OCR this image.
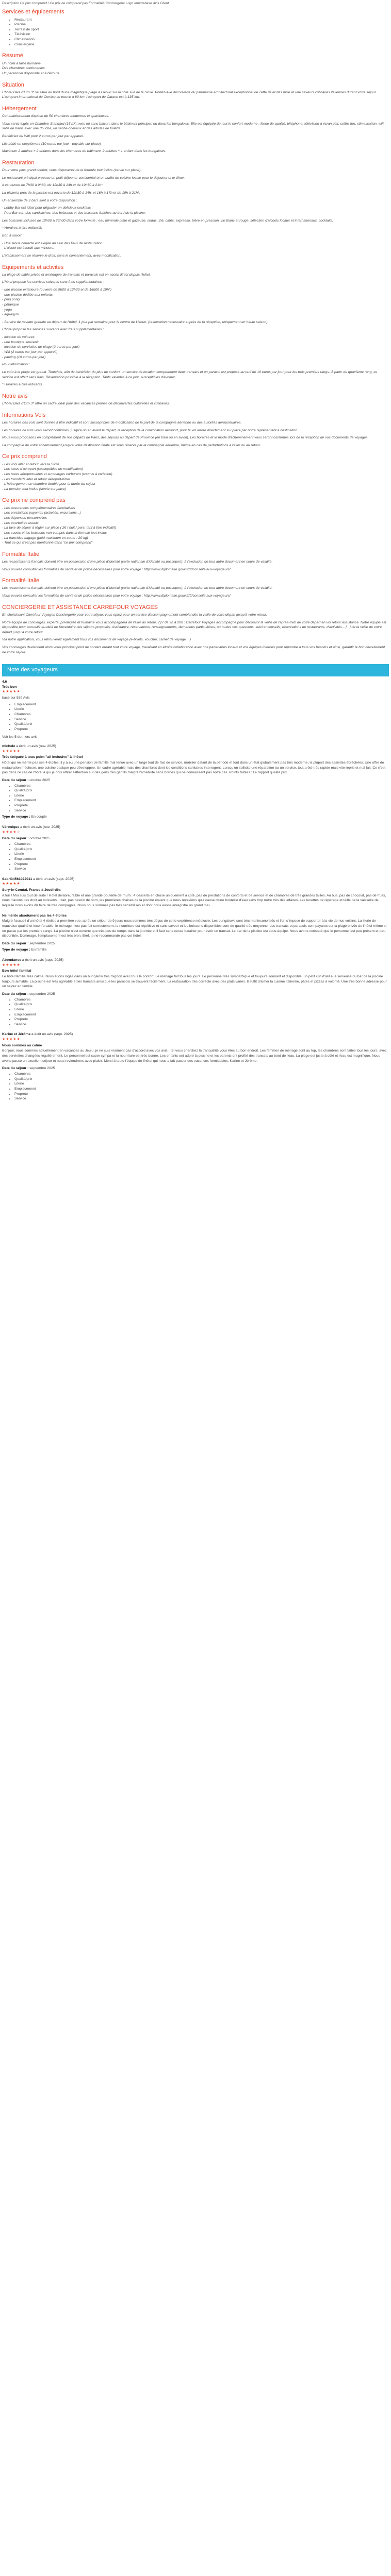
Description Ce prix comprend / Ce prix ne comprend pas Formalités Conciergerie Logo Imputabase Avis Client
Services et équipements
• Restaurant
• Piscine
• Terrain de sport
• Télévision
• Climatisation
• Conciergerie
Résumé
Un hôtel à taille humaine
Des chambres confortables
Un personnel disponible et à l'écoute
Situation

L'hôtel Baia d'Oro 3* se situe au bord d'une magnifique plage à Lixouri sur la côte sud de la Sicile. Portez-à-le découverte du patrimoine architectural exceptionnel de cette île et des mille et une saveurs culinaires italiennes durant votre séjour. L'aéroport international de Comiso se trouve à 80 km, l'aéroport de Catane est à 135 km.

Hébergement

Cet établissement dispose de 50 chambres modernes et spacieuses.

Vous serez logés en Chambre Standard (15 m²) avec ou sans balcon, dans le bâtiment principal, ou dans les bungalows. Elle est équipée de tout le confort moderne : literie de qualité, téléphone, télévision à écran plat, coffre-fort, climatisation, wifi, salle de bains avec une douche, un sèche-cheveux et des articles de toilette.

Bénéficiez du Wifi pour 2 euros par jour par appareil.

Lits bébé en supplément (10 euros par jour - payable sur place).

Maximum 2 adultes + 2 enfants dans les chambres du bâtiment, 2 adultes + 1 enfant dans les bungalows.

Restauration

Pour votre plus grand confort, vous disposerez de la formule tout inclus (servie sur place).

Le restaurant principal propose un petit-déjeuner continental et un buffet de cuisine locale pour le déjeuner et le dîner.

Il est ouvert de 7h30 à 9h30, de 12h30 à 14h et de 19h30 à 21h*.

La pizzeria près de la piscine est ouverte de 12h30 à 14h, et 16h à 17h et de 19h à 21h*.

Un ensemble de 2 bars sont à votre disposition :

- Lobby Bar est idéal pour déguster un délicieux cocktails ;
- Pool Bar sert des sandwiches, des boissons et des boissons fraîches au bord de la piscine.

Les boissons incluses de 10h00 à 23h00 dans votre formule : eau minérale plate et gazeuse, sodas, thé, cafés, expresso, bière en pression, vin blanc et rouge, sélection d'alcools locaux et internationaux, cocktails.

* Horaires à titre indicatifs

Bon à savoir :

- Une tenue correcte est exigée au sein des lieux de restauration.
- L'alcool est interdit aux mineurs.

L'établissement se réserve le droit, sans le consentement, avec modification.

Equipements et activités

La plage de sable privée et aménagée de transats et parasols est en accès direct depuis l'hôtel.

L'hôtel propose les services suivants sans frais supplémentaires :

- une piscine extérieure (ouverte de 9h00 à 12h30 et de 16h00 à 19h*)
- une piscine dédiée aux enfants
- ping pong
- pétanque
- yoga
- aquagym

- Service de navette gratuite au départ de l'hôtel, 1 jour par semaine pour le centre de Lixouri. (réservation nécessaire auprès de la réception, uniquement en haute saison).

L'hôtel propose les services suivants avec frais supplémentaires :

- location de voitures
- une boutique souvenir
- location de serviettes de plage (2 euros par jour)
- Wifi (2 euros par jour par appareil)
- parking (10 euros par jour)

Pour information :

Le coût à la plage est gratuit. Toutefois, afin de bénéficier du plus de confort, un service de location comprennent deux transats et un parasol est proposé au tarif de 10 euros par jour pour les trois premiers rangs. À partir du quatrième rang, ce service est offert sans frais. Réservation possible à la réception. Tarifs valables à ce jour, susceptibles d'évoluer.

* Horaires à titre indicatifs

Notre avis

L'hôtel Baia d'Oro 3* offre un cadre idéal pour des vacances pleines de découvertes culturelles et culinaires.

Informations Vols

Les horaires des vols sont donnés à titre indicatif et sont susceptibles de modification de la part de la compagnie aérienne ou des autorités aéroportuaires.

Les horaires de vols vous seront confirmés, jusqu'à un an avant le départ, la réception de la convocation aéroport, pour le vol retour directement sur place par notre représentant à destination.

Nous vous proposons en complément de nos départs de Paris, des séjours au départ de Province (en train ou en avion). Les horaires et le mode d'acheminement vous seront confirmés lors de la réception de vos documents de voyages.

La compagnie de votre acheminement jusqu'à votre destination finale est sous réserve par la compagnie aérienne, même en cas de perturbations à l'aller ou au retour.

Ce prix comprend
- Les vols aller et retour vers la Sicile
- Les taxes d'aéroport (susceptibles de modification)
- Les taxes aéroportuaires et surcharges carburant (soumis à variation)
- Les transferts aller et retour aéroport-hôtel
- L'hébergement en chambre double pour la durée du séjour
- La pension tout inclus (servie sur place)
Ce prix ne comprend pas
- Les assurances complémentaires facultatives
- Les prestations payantes (activités, excursions...)
- Les dépenses personnelles
- Les pourboires usuels
- La taxe de séjour à régler sur place ( 2€ / nuit / pers, tarif à titre indicatif)
- Les soucis et les boissons non compris dans la formule tout inclus
- La franchise bagage (poid maximum en soute : 20 kg)
- Tout ce qui n'est pas mentionné dans "ce prix comprend"
Formalité Italie

Les ressortissants français doivent être en possession d'une pièce d'identité (carte nationale d'identité ou passeport), à l'exclusion de tout autre document en cours de validité.

Vous pouvez consulter les formalités de santé et de police nécessaires pour votre voyage : http://www.diplomatie.gouv.fr/fr/conseils-aux-voyageurs/

Formalité Italie

Les ressortissants français doivent être en possession d'une pièce d'identité (carte nationale d'identité ou passeport), à l'exclusion de tout autre document en cours de validité.

Vous pouvez consulter les formalités de santé et de police nécessaires pour votre voyage : http://www.diplomatie.gouv.fr/fr/conseils-aux-voyageurs/

CONCIERGERIE ET ASSISTANCE CARREFOUR VOYAGES

En choisissant Carrefour Voyages Conciergerie pour votre séjour, vous optez pour un service d'accompagnement complet dès la veille de votre départ jusqu'à votre retour.

Notre équipe de concierges, experte, privilégiée et humaine vous accompagnera de l'aller au retour, 7j/7 de 9h à 20h : Carrefour Voyages accompagne pour découvrir la veille de l'après-midi de votre départ en vol retour assistance. Notre équipe est disponible pour accueillir au-delà de l'inventaire des séjours proposés. Assistance, réservations, renseignements, demandes particulières, ou toutes vos questions, suivi et conseils, réservations de restaurants, d'activités... [...] de la veille de votre départ jusqu'à votre retour.

Via notre application, vous retrouverez également tous vos documents de voyage (e-billets, voucher, carnet de voyage,...)

Vos concierges deviennent alors votre principal point de contact durant tout votre voyage, travaillant en étroite collaboration avec nos partenaires locaux et vos équipes internes pour répondre à tous vos besoins et ainsi, garantir le bon déroulement de votre séjour.

Note des voyageurs
4.6
Très bon
★★★★★
basé sur 539 Avis
• Emplacement
• Literie
• Chambres
• Service
• Qualité/prix
• Propreté
Voir les 5 derniers avis
michele a écrit un avis (nov. 2025)
★★★★★
Trés fatiguée à tous point "all inclusive" à l'hôtel

Hôtel qui ne mérite pas ses 4 étoiles, il y a eu une pension de famille mal tenue avec un large tout de fais de service, mobilier datant de la période et tout dans un état globalement pas très moderne, la plupart des assiettes ébréchées. Une offre de restauration médiocre, une cuisine basique peu développée. Un cadre agréable mais des chambres dont les conditions sanitaires interrogent. Lorsqu'on sollicite une réparation ou un service, tout a été très rapide mais vite repris et mal fait. Ce n'est pas dans ce cas de l'hôtel à qui je dois attirer l'attention sur des gens très gentils malgré l'amabilité sans bornes qui ne connaissent pas notre cas. Points faibles : Le rapport qualité prix.

Date du séjour : octobre 2025
• Chambres
• Qualité/prix
• Literie
• Emplacement
• Propreté
• Service
Type de voyage : En couple
Véronique a écrit un avis (nov. 2025)
★★★★☆
Date du séjour : octobre 2025
• Chambres
• Qualité/prix
• Literie
• Emplacement
• Propreté
• Service
Sabri34561022011 a écrit un avis (sept. 2025)
★★★★★
Sury-le-Comtal, France à Jeudi-dès

A fuir ! Moi suis tout de suite ! Hôtel délabré, faible et une grande bouteille de rhum : 4 desserts en chose uniquement à coté, pas de prestations de conforts et de service et de chambres de très grandes tailles. Au bus, pas de chocolat, pas de fruits, nous n'avons pas droit au boissons. Il fait, pas besoin de nom, les premières chaises de la piscine étaient que nous recevions qu'à cause d'une bouteille d'eau sans trop notre très des affaires. Les lunettes de repérage et taille de la vaisselle de laquelle nous avons dû faire de très compagnie. Nous nous sommes pas très sensibilisés et dont nous avons enregistré un grand mal.

Ne mérite absolument pas les 4 étoiles

Malgré l'accueil d'un hôtel 4 étoiles à première vue, après un séjour de 9 jours nous sommes très déçus de cette expérience médiocre. Les bungalows sont très mal insonorisés et l'on s'impose de supporter à la vie de nos voisins. La literie de mauvaise qualité et inconfortable, le ménage n'est pas fait correctement, la nourriture est répétitive et sans saveur et les boissons disponibles sont de qualité très moyenne. Les transats et parasols sont payants sur la plage privée de l'hôtel même si on passe par les premiers rangs. La piscine n'est ouverte que très peu de temps dans la journée et il faut sans cesse batailler pour avoir un transat. Le bar de la piscine est sous-équipé. Nous avons constaté que le personnel est peu présent et peu disponible. Dommage, l'emplacement est très bien. Bref, je ne recommande pas cet hôtel.

Date du séjour : septembre 2025
Type de voyage : En famille
Abondance a écrit un avis (sept. 2025)
★★★★★
Bon hôtel familial

Le hôtel familial très calme. Nous étions logés dans un bungalow très mignon avec tous le confort. Le ménage fait tous les jours. Le personnel très sympathique et toujours souriant et disponible, un petit clin d'œil à la serveuse du bar de la piscine toujours aimable. La piscine est très agréable et les transats ainsi que les parasols se trouvent facilement. La restauration très correcte avec des plats variés. Il suffit d'aimer la cuisine italienne, pâtes et pizzas à volonté. Une très bonne adresse pour un séjour en famille.

Date du séjour : septembre 2025
• Chambres
• Qualité/prix
• Literie
• Emplacement
• Propreté
• Service
Karine et Jérôme a écrit un avis (sept. 2025)
★★★★★
Nous sommes au calme

Bonjour, nous sommes actuellement en vacances au Jeuiu, je ne suis vraiment pas d'accord avec vos avis... Si vous cherchez la tranquillité vous êtes au bon endroit. Les femmes de ménage sont au top, les chambres sont faites tous les jours, avec des serviettes changées régulièrement. Le personnel est super sympa et la nourriture est très bonne. Les enfants ont adoré la piscine et les parents ont profité des transats au bord de l'eau. La plage est juste à côté et l'eau est magnifique. Nous avons passé un excellent séjour et nous reviendrons avec plaisir. Merci à toute l'équipe de l'hôtel qui nous a fait passer des vacances formidables. Karine et Jérôme.

Date du séjour : septembre 2025
• Chambres
• Qualité/prix
• Literie
• Emplacement
• Propreté
• Service
